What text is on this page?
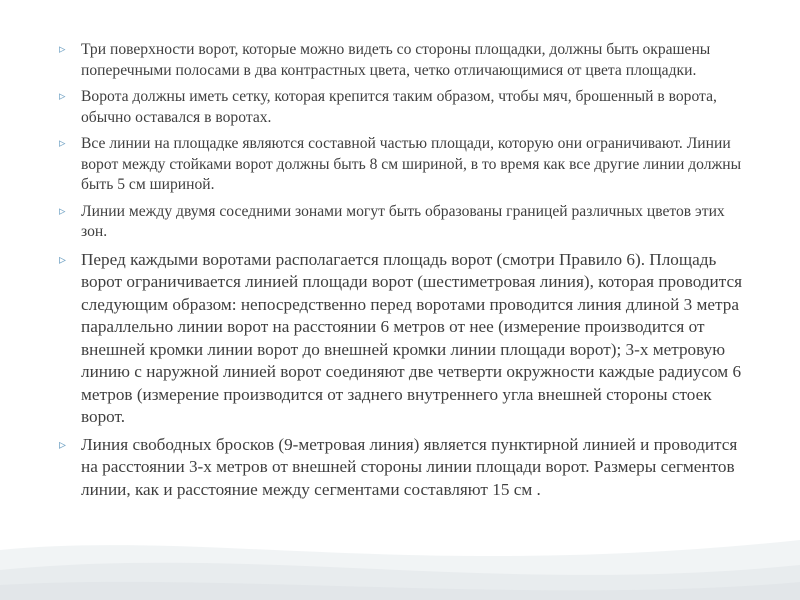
▹ Три поверхности ворот, которые можно видеть со стороны площадки, должны быть окрашены поперечными полосами в два контрастных цвета, четко отличающимися от цвета площадки.
▹ Ворота должны иметь сетку, которая крепится таким образом, чтобы мяч, брошенный в ворота, обычно оставался в воротах.
▹ Все линии на площадке являются составной частью площади, которую они ограничивают. Линии ворот между стойками ворот должны быть 8 см шириной, в то время как все другие линии должны быть 5 см шириной.
▹ Линии между двумя соседними зонами могут быть образованы границей различных цветов этих зон.
▹ Перед каждыми воротами располагается площадь ворот (смотри Правило 6). Площадь ворот ограничивается линией площади ворот (шестиметровая линия), которая проводится следующим образом: непосредственно перед воротами проводится линия длиной 3 метра параллельно линии ворот на расстоянии 6 метров от нее (измерение производится от внешней кромки линии ворот до внешней кромки линии площади ворот); 3-х метровую линию с наружной линией ворот соединяют две четверти окружности каждые радиусом 6 метров (измерение производится от заднего внутреннего угла внешней стороны стоек ворот.
▹ Линия свободных бросков (9-метровая линия) является пунктирной линией и проводится на расстоянии 3-х метров от внешней стороны линии площади ворот. Размеры сегментов линии, как и расстояние между сегментами составляют 15 см .
